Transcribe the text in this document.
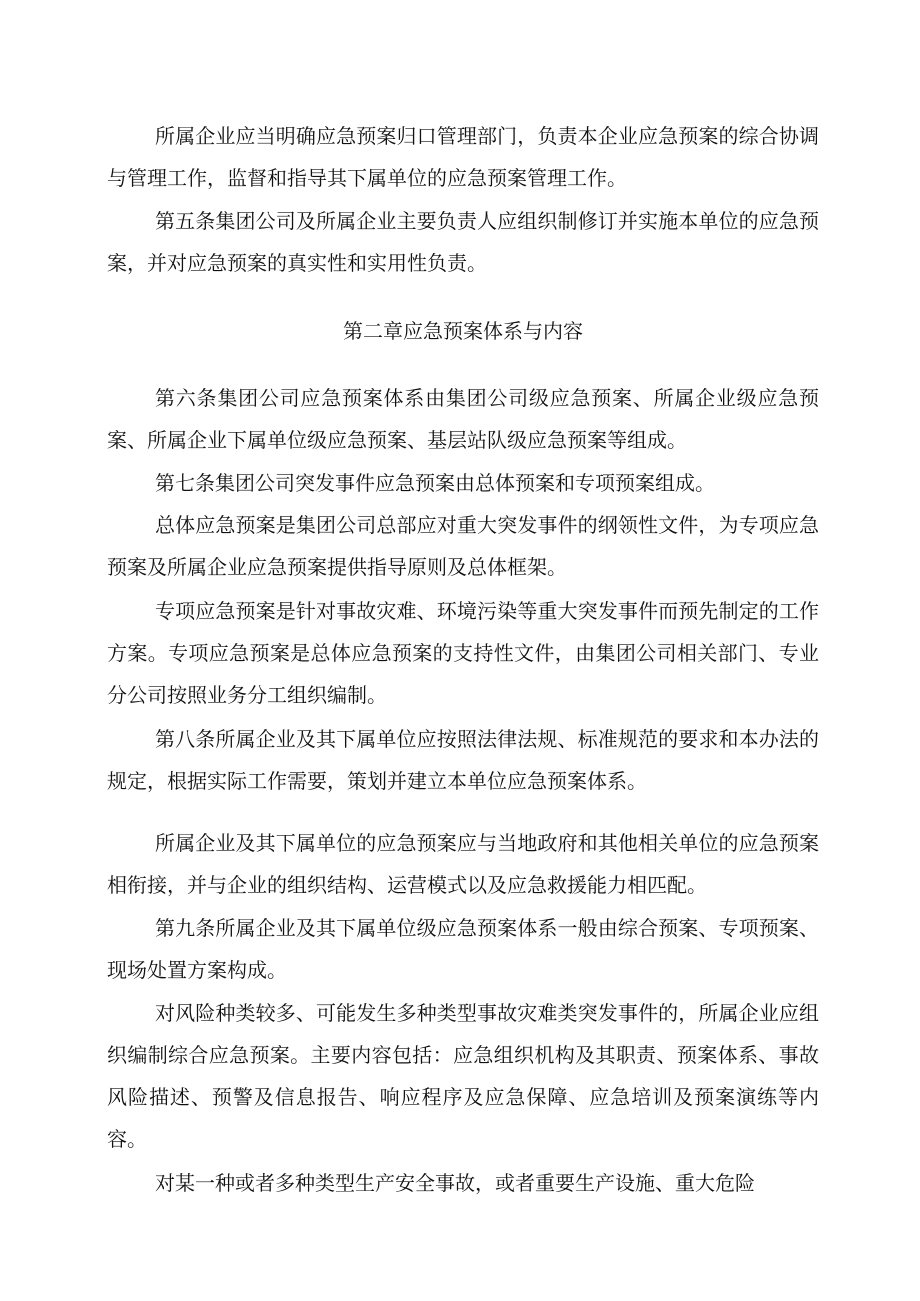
所属企业应当明确应急预案归口管理部门，负责本企业应急预案的综合协调与管理工作，监督和指导其下属单位的应急预案管理工作。

第五条集团公司及所属企业主要负责人应组织制修订并实施本单位的应急预案，并对应急预案的真实性和实用性负责。

第二章应急预案体系与内容

第六条集团公司应急预案体系由集团公司级应急预案、所属企业级应急预案、所属企业下属单位级应急预案、基层站队级应急预案等组成。

第七条集团公司突发事件应急预案由总体预案和专项预案组成。

总体应急预案是集团公司总部应对重大突发事件的纲领性文件，为专项应急预案及所属企业应急预案提供指导原则及总体框架。

专项应急预案是针对事故灾难、环境污染等重大突发事件而预先制定的工作方案。专项应急预案是总体应急预案的支持性文件，由集团公司相关部门、专业分公司按照业务分工组织编制。

第八条所属企业及其下属单位应按照法律法规、标准规范的要求和本办法的规定，根据实际工作需要，策划并建立本单位应急预案体系。

所属企业及其下属单位的应急预案应与当地政府和其他相关单位的应急预案相衔接，并与企业的组织结构、运营模式以及应急救援能力相匹配。

第九条所属企业及其下属单位级应急预案体系一般由综合预案、专项预案、现场处置方案构成。

对风险种类较多、可能发生多种类型事故灾难类突发事件的，所属企业应组织编制综合应急预案。主要内容包括：应急组织机构及其职责、预案体系、事故风险描述、预警及信息报告、响应程序及应急保障、应急培训及预案演练等内容。

对某一种或者多种类型生产安全事故，或者重要生产设施、重大危险
